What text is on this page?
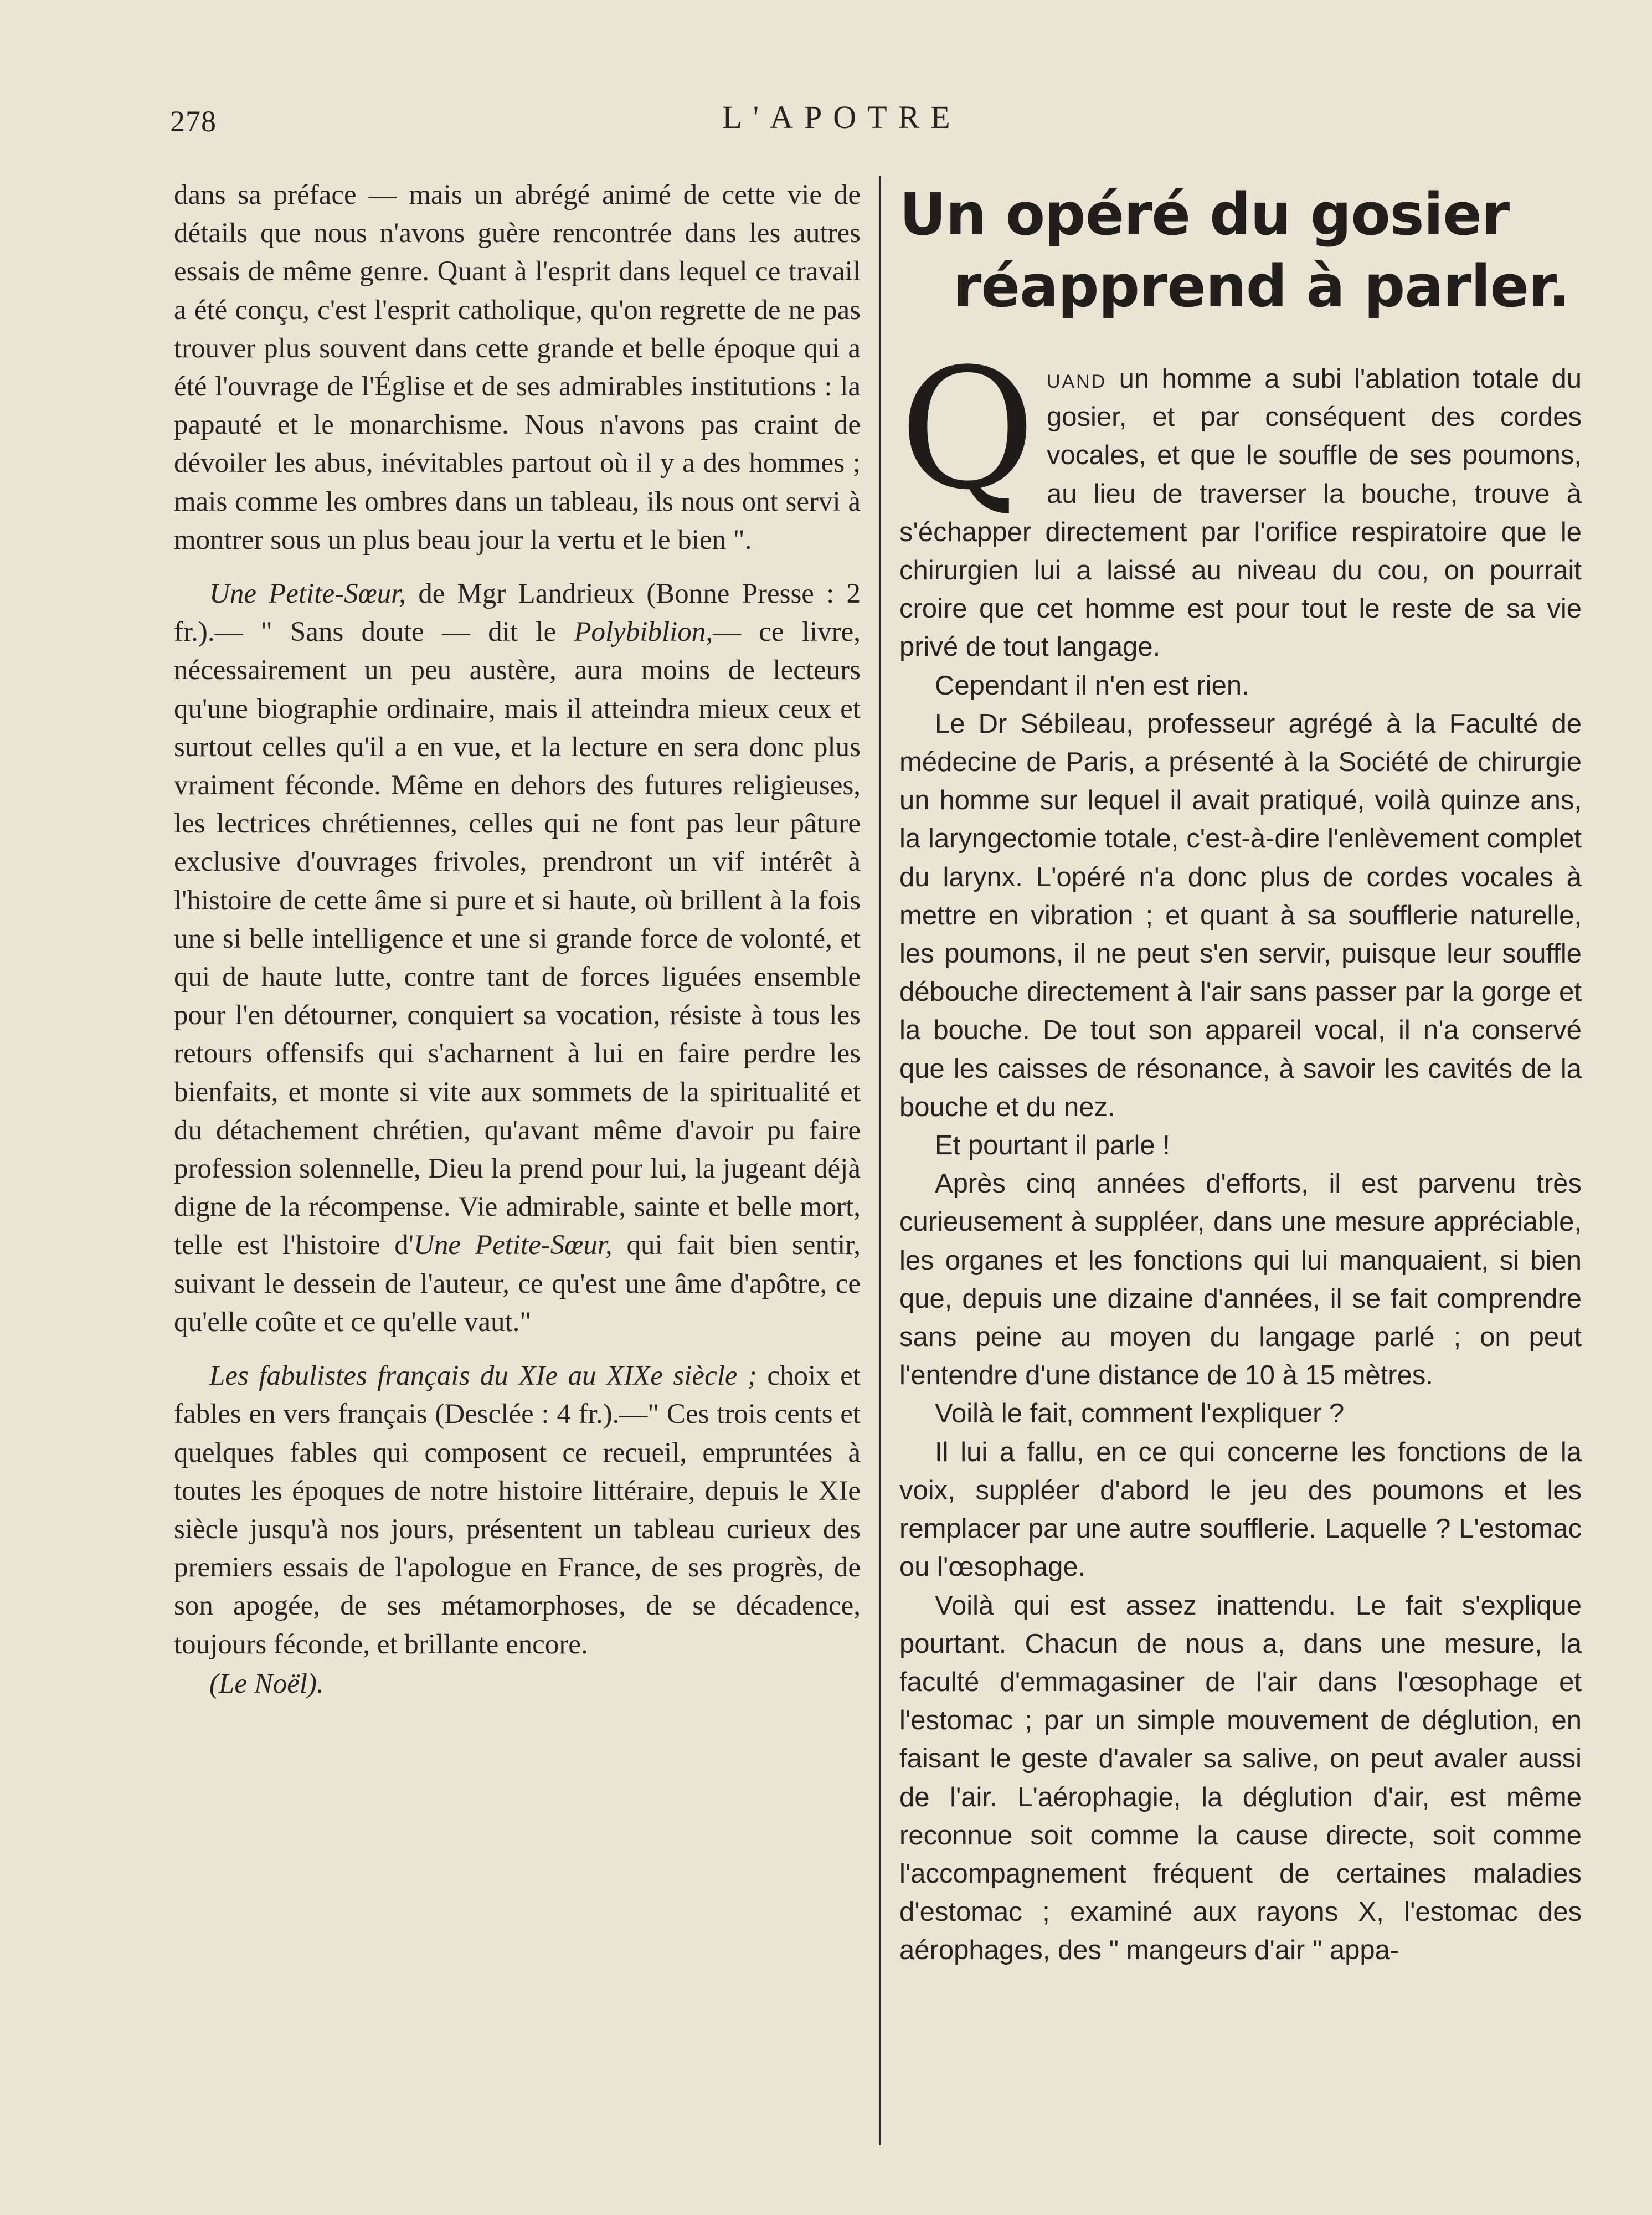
278	L'APOTRE

dans sa préface — mais un abrégé animé de cette vie de détails que nous n'avons guère rencontrée dans les autres essais de même genre. Quant à l'esprit dans lequel ce travail a été conçu, c'est l'esprit catholique, qu'on regrette de ne pas trouver plus souvent dans cette grande et belle époque qui a été l'ouvrage de l'Église et de ses admirables institutions : la papauté et le monarchisme. Nous n'avons pas craint de dévoiler les abus, inévitables partout où il y a des hommes ; mais comme les ombres dans un tableau, ils nous ont servi à montrer sous un plus beau jour la vertu et le bien ".

Une Petite-Sœur, de Mgr Landrieux (Bonne Presse : 2 fr.).— " Sans doute — dit le Polybiblion,— ce livre, nécessairement un peu austère, aura moins de lecteurs qu'une biographie ordinaire, mais il atteindra mieux ceux et surtout celles qu'il a en vue, et la lecture en sera donc plus vraiment féconde. Même en dehors des futures religieuses, les lectrices chrétiennes, celles qui ne font pas leur pâture exclusive d'ouvrages frivoles, prendront un vif intérêt à l'histoire de cette âme si pure et si haute, où brillent à la fois une si belle intelligence et une si grande force de volonté, et qui de haute lutte, contre tant de forces liguées ensemble pour l'en détourner, conquiert sa vocation, résiste à tous les retours offensifs qui s'acharnent à lui en faire perdre les bienfaits, et monte si vite aux sommets de la spiritualité et du détachement chrétien, qu'avant même d'avoir pu faire profession solennelle, Dieu la prend pour lui, la jugeant déjà digne de la récompense. Vie admirable, sainte et belle mort, telle est l'histoire d'Une Petite-Sœur, qui fait bien sentir, suivant le dessein de l'auteur, ce qu'est une âme d'apôtre, ce qu'elle coûte et ce qu'elle vaut."

Les fabulistes français du XIe au XIXe siècle ; choix et fables en vers français (Desclée : 4 fr.).—" Ces trois cents et quelques fables qui composent ce recueil, empruntées à toutes les époques de notre histoire littéraire, depuis le XIe siècle jusqu'à nos jours, présentent un tableau curieux des premiers essais de l'apologue en France, de ses progrès, de son apogée, de ses métamorphoses, de se décadence, toujours féconde, et brillante encore.

(Le Noël).

Un opéré du gosier
réapprend à parler.

Quand un homme a subi l'ablation totale du gosier, et par conséquent des cordes vocales, et que le souffle de ses poumons, au lieu de traverser la bouche, trouve à s'échapper directement par l'orifice respiratoire que le chirurgien lui a laissé au niveau du cou, on pourrait croire que cet homme est pour tout le reste de sa vie privé de tout langage.

Cependant il n'en est rien.

Le Dr Sébileau, professeur agrégé à la Faculté de médecine de Paris, a présenté à la Société de chirurgie un homme sur lequel il avait pratiqué, voilà quinze ans, la laryngectomie totale, c'est-à-dire l'enlèvement complet du larynx. L'opéré n'a donc plus de cordes vocales à mettre en vibration ; et quant à sa soufflerie naturelle, les poumons, il ne peut s'en servir, puisque leur souffle débouche directement à l'air sans passer par la gorge et la bouche. De tout son appareil vocal, il n'a conservé que les caisses de résonance, à savoir les cavités de la bouche et du nez.

Et pourtant il parle !

Après cinq années d'efforts, il est parvenu très curieusement à suppléer, dans une mesure appréciable, les organes et les fonctions qui lui manquaient, si bien que, depuis une dizaine d'années, il se fait comprendre sans peine au moyen du langage parlé ; on peut l'entendre d'une distance de 10 à 15 mètres.

Voilà le fait, comment l'expliquer ?

Il lui a fallu, en ce qui concerne les fonctions de la voix, suppléer d'abord le jeu des poumons et les remplacer par une autre soufflerie. Laquelle ? L'estomac ou l'œsophage.

Voilà qui est assez inattendu. Le fait s'explique pourtant. Chacun de nous a, dans une mesure, la faculté d'emmagasiner de l'air dans l'œsophage et l'estomac ; par un simple mouvement de déglution, en faisant le geste d'avaler sa salive, on peut avaler aussi de l'air. L'aérophagie, la déglution d'air, est même reconnue soit comme la cause directe, soit comme l'accompagnement fréquent de certaines maladies d'estomac ; examiné aux rayons X, l'estomac des aérophages, des " mangeurs d'air " appa-
